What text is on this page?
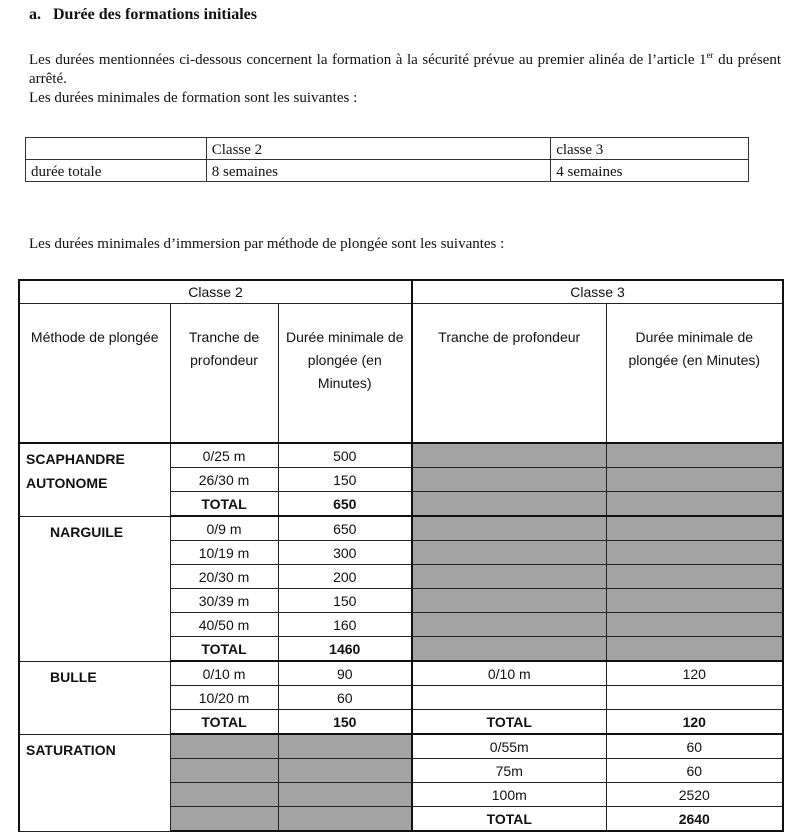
a. Durée des formations initiales

Les durées mentionnées ci-dessous concernent la formation à la sécurité prévue au premier alinéa de l’article 1er du présent arrêté.

Les durées minimales de formation sont les suivantes :

	Classe 2	classe 3
durée totale	8 semaines	4 semaines
Les durées minimales d’immersion par méthode de plongée sont les suivantes :
Classe 2			Classe 3	
Méthode de plongée	Tranche de profondeur	Durée minimale de plongée (en Minutes)	Tranche de profondeur	Durée minimale de plongée (en Minutes)
SCAPHANDRE AUTONOME	0/25 m	500		
	26/30 m	150		
	TOTAL	650		
NARGUILE	0/9 m	650		
	10/19 m	300		
	20/30 m	200		
	30/39 m	150		
	40/50 m	160		
	TOTAL	1460		
BULLE	0/10 m	90	0/10 m	120
	10/20 m	60		
	TOTAL	150	TOTAL	120
SATURATION			0/55m	60
			75m	60
			100m	2520
			TOTAL	2640
